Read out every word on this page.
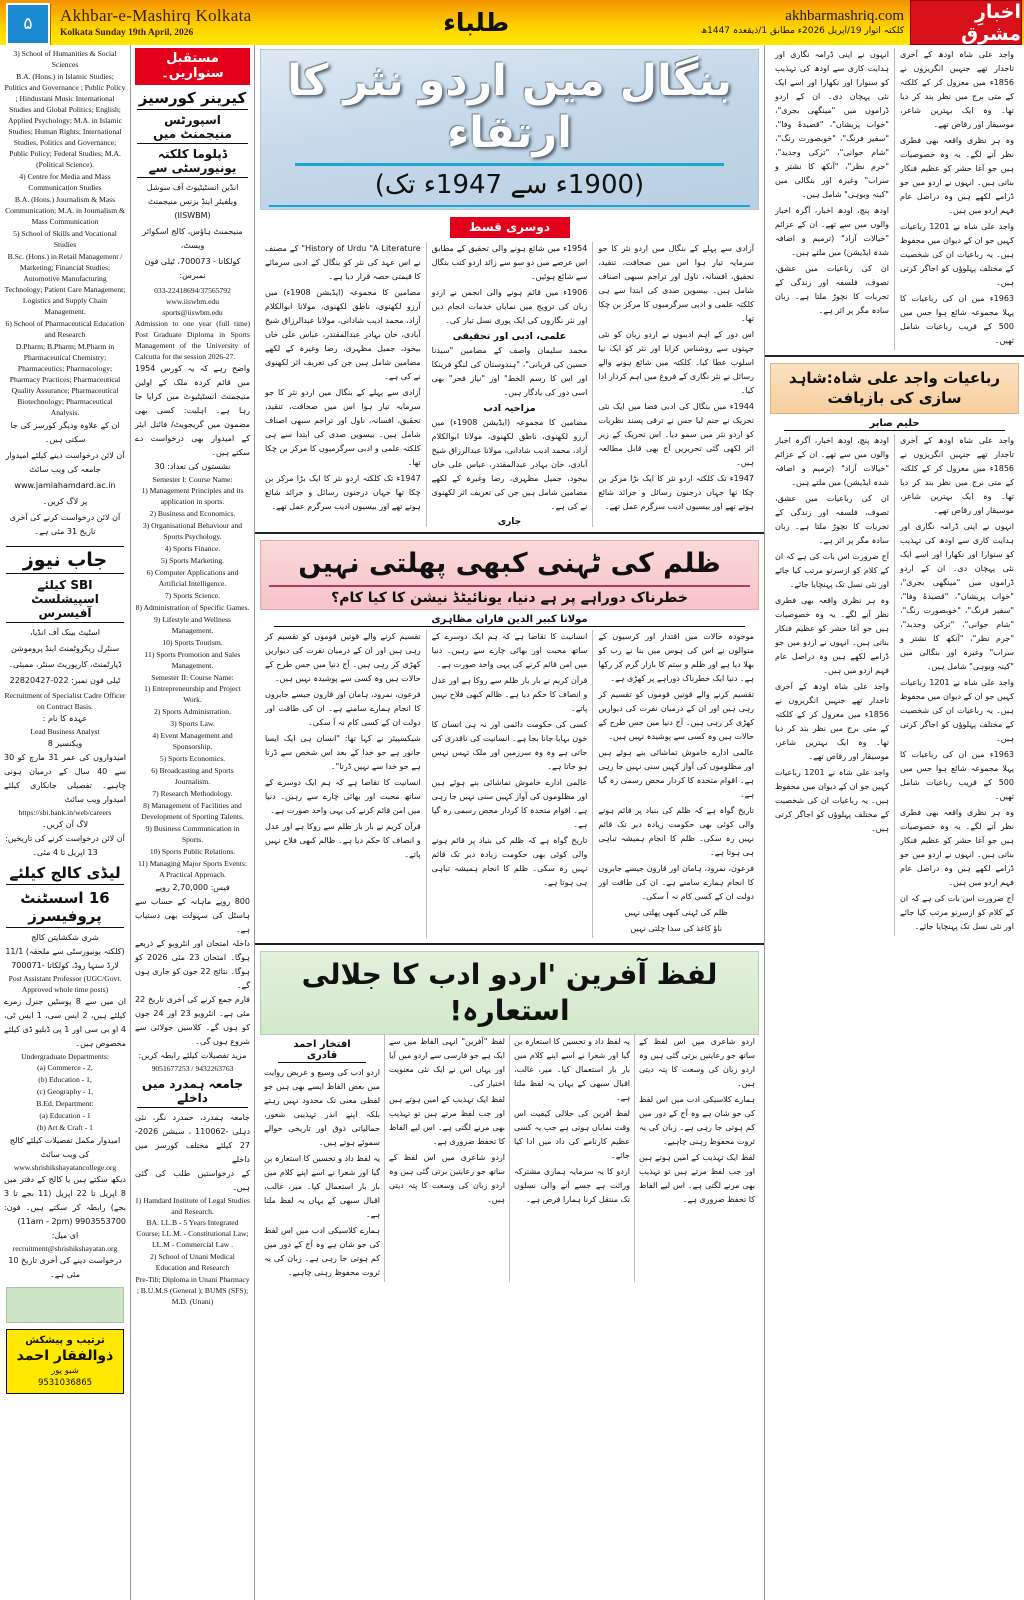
۵ Akhbar-e-Mashirq Kolkata
Kolkata Sunday 19th April, 2026	طلباء	akhbarmashriq.com
کلکتہ اتوار 19/اپریل 2026ء مطابق 1/ذیقعدہ 1447ھ
اخبارِ مشرق

3) School of Humanities & Social Sciences

B.A. (Hons.) in Islamic Studies; Politics and Governance ; Public Policy ; Hindustani Music International Studies and Global Politics; English; Applied Psychology; M.A. in Islamic Studies; Human Rights; International Studies, Politics and Governance; Public Policy; Federal Studies; M.A. (Political Science).

4) Centre for Media and Mass Communication Studies

B.A. (Hons.) Journalism & Mass Communication; M.A. in Journalism & Mass Communication

5) School of Skills and Vocational Studies

B.Sc. (Hons.) in Retail Management / Marketing; Financial Studies; Automotive Manufacturing Technology; Patient Care Management; Logistics and Supply Chain Management.

6) School of Pharmaceutical Education and Research

D.Pharm; B.Pharm; M.Pharm in Pharmaceutical Chemistry; Pharmaceutics; Pharmacology; Pharmacy Practices; Pharmaceutical Quality Assurance; Pharmaceutical Biotechnology; Pharmaceutical Analysis.

ان کے علاوہ ودیگر کورسز کی جا سکتی ہیں۔

آن لائن درخواست دینے کیلئے امیدوار جامعہ کی ویب سائٹ

www.jamiahamdard.ac.in

پر لاگ کریں۔

آن لائن درخواست کرنے کی آخری تاریخ 31 مئی ہے۔

جاب نیوز
SBI کیلئے اسپیشلسٹ آفیسرس

اسٹیٹ بینک آف انڈیا،

سنٹرل ریکروٹمنٹ اینڈ پروموشن

ڈپارٹمنٹ، کارپوریٹ سنٹر، ممبئی۔

ٹیلی فون نمبر: 022-22820427

Recruitment of Specialist Cadre Officer on Contract Basis.
عہدہ کا نام :
Lead Business Analyst
ویکنسیز 8
امیدواروں کی عمر 31 مارچ کو 30 سے 40 سال کے درمیان ہونی چاہیے۔ تفصیلی جانکاری کیلئے امیدوار ویب سائٹ
https://sbi.bank.in/web/careers
لاگ آن کریں۔
آن لائن درخواست کرنے کی تاریخیں: 13 اپریل تا 4 مئی۔
لیڈی کالج کیلئے
16 اسسٹنٹ پروفیسرز
شری شکشایتن کالج
(کلکتہ یونیورسٹی سے ملحقہ) 11/1 لارڈ سنہا روڈ، کولکاتا -700071
Post Assistant Professor (UGC/Govt. Approved whole time posts)
ان میں سے 8 پوسٹیں جنرل زمرے کیلئے ہیں، 2 ایس سی، 1 ایس ٹی، 4 او بی سی اور 1 پی ڈبلیو ڈی کیلئے مخصوص ہیں۔
Undergraduate Departments:

(a) Commerce - 2,

(b) Education - 1,

(c) Geography - 1,

B.Ed. Department:

(a) Education - 1

(b) Art & Craft - 1

امیدوار مکمل تفصیلات کیلئے کالج کی ویب سائٹ
www.shrishikshayatancollege.org
دیکھ سکتے ہیں یا کالج کے دفتر میں 8 اپریل تا 22 اپریل (11 بجے تا 3 بجے) رابطہ کر سکتے ہیں۔ فون: 9903553700 (11am - 2pm)
ای میل:
recruitment@shrishikshayatan.org
درخواست دینے کی آخری تاریخ 10 مئی ہے۔
ترتیب و پیشکش
ذوالفقار احمد
شیو پور
9531036865
مستقبل سنواریں۔
کیرینر کورسیز
اسپورٹس منیجمنٹ میں
ڈپلوما کلکتہ یونیورسٹی سے

انڈین انسٹیٹیوٹ آف سوشل ویلفیئر اینڈ بزنس منیجمنٹ (IISWBM)

منیجمنٹ ہاؤس، کالج اسکوائر ویسٹ،

کولکاتا - 700073، ٹیلی فون نمبرس:

033-22418694/37565792
www.iiswbm.edu
sports@iiswbm.edu
Admission to one year (full time) Post Graduate Diploma in Sports Management of the University of Calcutta for the session 2026-27.
واضح رہے کہ یہ کورس 1954 میں قائم کردہ ملک کے اولین منیجمنٹ انسٹیٹیوٹ میں کرایا جا رہا ہے۔ اہلیت: کسی بھی مضمون میں گریجویٹ/ فائنل ایئر کے امیدوار بھی درخواست دے سکتے ہیں۔
نشستوں کی تعداد: 30
Semester I: Course Name:

1) Management Principles and its application in sports.

2) Business and Economics.

3) Organisational Behaviour and Sports Psychology.

4) Sports Finance.

5) Sports Marketing.

6) Computer Applications and Artificial Intelligence.

7) Sports Science.

8) Administration of Specific Games.

9) Lifestyle and Wellness Management.

10) Sports Tourism.

11) Sports Promotion and Sales Management.

Semester II: Course Name:

1) Entrepreneurship and Project Work.

2) Sports Administration.

3) Sports Law.

4) Event Management and Sponsorship.

5) Sports Economics.

6) Broadcasting and Sports Journalism.

7) Research Methodology.

8) Management of Facilities and Development of Sporting Talents.

9) Business Communication in Sports.

10) Sports Public Relations.

11) Managing Major Sports Events: A Practical Approach.

فیس: 2,70,000 روپے
800 روپے ماہانہ کے حساب سے ہاسٹل کی سہولت بھی دستیاب ہے۔
داخلہ امتحان اور انٹرویو کے ذریعے ہوگا۔ امتحان 23 مئی 2026 کو ہوگا۔ نتائج 22 جون کو جاری ہوں گے۔
فارم جمع کرنے کی آخری تاریخ 22 مئی ہے۔ انٹرویو 23 اور 24 جون کو ہوں گے۔ کلاسیں جولائی سے شروع ہوں گی۔
مزید تفصیلات کیلئے رابطہ کریں:
9051677253 / 9432263763
جامعہ ہمدرد میں داخلے
جامعہ ہمدرد، حمدرد نگر، نئی دہلی -110062 ، سیشن 2026-27 کیلئے مختلف کورسز میں داخلے
کے درخواستیں طلب کی گئی ہیں۔
1) Hamdard Institute of Legal Studies and Research.

BA. LL.B - 5 Years Integrated Course; LL.M. - Constitutional Law; LL.M - Commercial Law .

2) School of Unani Medical Education and Research

Pre-Tib; Diploma in Unani Pharmacy ; B.U.M.S (General ); BUMS (SFS); M.D. (Unani)

بنگال میں اردو نثر کا ارتقاء
(1900ء سے 1947ء تک)
دوسری قسط

آزادی سے پہلے کے بنگال میں اردو نثر کا جو سرمایہ تیار ہوا اس میں صحافت، تنقید، تحقیق، افسانہ، ناول اور تراجم سبھی اصناف شامل ہیں۔ بیسویں صدی کی ابتدا سے ہی کلکتہ علمی و ادبی سرگرمیوں کا مرکز بن چکا تھا۔

اس دور کے اہم ادیبوں نے اردو زبان کو نئی جہتوں سے روشناس کرایا اور نثر کو ایک نیا اسلوب عطا کیا۔ کلکتہ میں شائع ہونے والے رسائل نے نثر نگاری کے فروغ میں اہم کردار ادا کیا۔

1944ء میں بنگال کی ادبی فضا میں ایک نئی تحریک نے جنم لیا جس نے ترقی پسند نظریات کو اردو نثر میں سمو دیا۔ اس تحریک کے زیر اثر لکھی گئی تحریریں آج بھی قابل مطالعہ ہیں۔

1947ء تک کلکتہ اردو نثر کا ایک بڑا مرکز بن چکا تھا جہاں درجنوں رسائل و جرائد شائع ہوتے تھے اور بیسیوں ادیب سرگرم عمل تھے۔

1954ء میں شائع ہونے والی تحقیق کے مطابق اس عرصے میں دو سو سے زائد اردو کتب بنگال سے شائع ہوئیں۔

1906ء میں قائم ہونے والی انجمن نے اردو زبان کی ترویج میں نمایاں خدمات انجام دیں اور نثر نگاروں کی ایک پوری نسل تیار کی۔

علمی، ادبی اور تحقیقی

محمد سلیمان واصف کے مضامین "سیدنا حسین کی قربانی"، "ہندوستان کی لنگو فرینکا اور اس کا رسم الخط" اور "نیاز فجر" بھی اسی دور کی یادگار ہیں۔

مزاحیہ ادب

مضامین کا مجموعہ (ایڈیشن 1908ء) میں آرزو لکھنوی، ناطق لکھنوی، مولانا ابوالکلام آزاد، محمد ادیب شادانی، مولانا عبدالرزاق شیخ آبادی، خان بہادر عبدالمقتدر، عباس علی خاں بیخود، جمیل مظہری، رضا وغیرہ کے لکھے مضامین شامل ہیں جن کی تعریف اثر لکھنوی نے کی ہے۔

جاری

History of Urdu "A Literature" کے مصنف نے اس عہد کی نثر کو بنگال کے ادبی سرمائے کا قیمتی حصہ قرار دیا ہے۔

مضامین کا مجموعہ (ایڈیشن 1908ء) میں آرزو لکھنوی، ناطق لکھنوی، مولانا ابوالکلام آزاد، محمد ادیب شادانی، مولانا عبدالرزاق شیخ آبادی، خان بہادر عبدالمقتدر، عباس علی خاں بیخود، جمیل مظہری، رضا وغیرہ کے لکھے مضامین شامل ہیں جن کی تعریف اثر لکھنوی نے کی ہے۔

آزادی سے پہلے کے بنگال میں اردو نثر کا جو سرمایہ تیار ہوا اس میں صحافت، تنقید، تحقیق، افسانہ، ناول اور تراجم سبھی اصناف شامل ہیں۔ بیسویں صدی کی ابتدا سے ہی کلکتہ علمی و ادبی سرگرمیوں کا مرکز بن چکا تھا۔

1947ء تک کلکتہ اردو نثر کا ایک بڑا مرکز بن چکا تھا جہاں درجنوں رسائل و جرائد شائع ہوتے تھے اور بیسیوں ادیب سرگرم عمل تھے۔

ظلم کی ٹہنی کبھی پھلتی نہیں
خطرناک دوراہے پر ہے دنیا، یونائیٹڈ نیشن کا کیا کام؟
مولانا کبیر الدین فاران مظاہری

موجودہ حالات میں اقتدار اور کرسیوں کے متوالوں نے اس کی ہوس میں بنا نے رب کو بھلا دیا ہے اور ظلم و ستم کا بازار گرم کر رکھا ہے۔ دنیا ایک خطرناک دوراہے پر کھڑی ہے۔

تقسیم کرنے والے قوتیں قوموں کو تقسیم کر رہی ہیں اور ان کے درمیان نفرت کی دیواریں کھڑی کر رہی ہیں۔ آج دنیا میں جس طرح کے حالات ہیں وہ کسی سے پوشیدہ نہیں ہیں۔

عالمی ادارے خاموش تماشائی بنے ہوئے ہیں اور مظلوموں کی آواز کہیں سنی نہیں جا رہی ہے۔ اقوام متحدہ کا کردار محض رسمی رہ گیا ہے۔

تاریخ گواہ ہے کہ ظلم کی بنیاد پر قائم ہونے والی کوئی بھی حکومت زیادہ دیر تک قائم نہیں رہ سکی۔ ظلم کا انجام ہمیشہ تباہی ہی ہوتا ہے۔

فرعون، نمرود، ہامان اور قارون جیسے جابروں کا انجام ہمارے سامنے ہے۔ ان کی طاقت اور دولت ان کے کسی کام نہ آ سکی۔

ظلم کی ٹہنی کبھی پھلتی نہیں

ناؤ کاغذ کی سدا چلتی نہیں

انسانیت کا تقاضا ہے کہ ہم ایک دوسرے کے ساتھ محبت اور بھائی چارے سے رہیں۔ دنیا میں امن قائم کرنے کی یہی واحد صورت ہے۔

قرآن کریم نے بار بار ظلم سے روکا ہے اور عدل و انصاف کا حکم دیا ہے۔ ظالم کبھی فلاح نہیں پاتے۔

کسی کی حکومت دائمی اور نہ ہی انسان کا خون بہایا جانا بجا ہے۔ انسانیت کی ناقدری کی جاتی ہے وہ وہ سرزمین اور ملک تہس نہس ہو جاتا ہے۔

عالمی ادارے خاموش تماشائی بنے ہوئے ہیں اور مظلوموں کی آواز کہیں سنی نہیں جا رہی ہے۔ اقوام متحدہ کا کردار محض رسمی رہ گیا ہے۔

تاریخ گواہ ہے کہ ظلم کی بنیاد پر قائم ہونے والی کوئی بھی حکومت زیادہ دیر تک قائم نہیں رہ سکی۔ ظلم کا انجام ہمیشہ تباہی ہی ہوتا ہے۔

تقسیم کرنے والے قوتیں قوموں کو تقسیم کر رہی ہیں اور ان کے درمیان نفرت کی دیواریں کھڑی کر رہی ہیں۔ آج دنیا میں جس طرح کے حالات ہیں وہ کسی سے پوشیدہ نہیں ہیں۔

فرعون، نمرود، ہامان اور قارون جیسے جابروں کا انجام ہمارے سامنے ہے۔ ان کی طاقت اور دولت ان کے کسی کام نہ آ سکی۔

شیکسپیئر نے کہا تھا: "انسان ہی ایک ایسا جانور ہے جو خدا کے بعد اس شخص سے ڈرتا ہے جو خدا سے نہیں ڈرتا"۔

انسانیت کا تقاضا ہے کہ ہم ایک دوسرے کے ساتھ محبت اور بھائی چارے سے رہیں۔ دنیا میں امن قائم کرنے کی یہی واحد صورت ہے۔

قرآن کریم نے بار بار ظلم سے روکا ہے اور عدل و انصاف کا حکم دیا ہے۔ ظالم کبھی فلاح نہیں پاتے۔

لفظ آفرین 'اردو ادب کا جلالی استعارہ!

اردو شاعری میں اس لفظ کے ساتھ جو رعایتیں برتی گئی ہیں وہ اردو زبان کی وسعت کا پتہ دیتی ہیں۔

ہمارے کلاسیکی ادب میں اس لفظ کی جو شان ہے وہ آج کے دور میں کم ہوتی جا رہی ہے۔ زبان کی یہ ثروت محفوظ رہنی چاہیے۔

لفظ ایک تہذیب کے امین ہوتے ہیں اور جب لفظ مرتے ہیں تو تہذیب بھی مرنے لگتی ہے۔ اس لیے الفاظ کا تحفظ ضروری ہے۔

یہ لفظ داد و تحسین کا استعارہ بن گیا اور شعرا نے اسے اپنے کلام میں بار بار استعمال کیا۔ میر، غالب، اقبال سبھی کے یہاں یہ لفظ ملتا ہے۔

لفظ آفرین کی جلالی کیفیت اس وقت نمایاں ہوتی ہے جب یہ کسی عظیم کارنامے کی داد میں ادا کیا جائے۔

اردو کا یہ سرمایہ ہماری مشترکہ وراثت ہے جسے آنے والی نسلوں تک منتقل کرنا ہمارا فرض ہے۔

لفظ "آفرین" انہی الفاظ میں سے ایک ہے جو فارسی سے اردو میں آیا اور یہاں اس نے ایک نئی معنویت اختیار کی۔

لفظ ایک تہذیب کے امین ہوتے ہیں اور جب لفظ مرتے ہیں تو تہذیب بھی مرنے لگتی ہے۔ اس لیے الفاظ کا تحفظ ضروری ہے۔

اردو شاعری میں اس لفظ کے ساتھ جو رعایتیں برتی گئی ہیں وہ اردو زبان کی وسعت کا پتہ دیتی ہیں۔

افتخار احمد قادری

اردو ادب کی وسیع و عریض روایت میں بعض الفاظ ایسے بھی ہیں جو لفظی معنی تک محدود نہیں رہتے بلکہ اپنے اندر تہذیبی شعور، جمالیاتی ذوق اور تاریخی حوالے سموئے ہوتے ہیں۔

یہ لفظ داد و تحسین کا استعارہ بن گیا اور شعرا نے اسے اپنے کلام میں بار بار استعمال کیا۔ میر، غالب، اقبال سبھی کے یہاں یہ لفظ ملتا ہے۔

ہمارے کلاسیکی ادب میں اس لفظ کی جو شان ہے وہ آج کے دور میں کم ہوتی جا رہی ہے۔ زبان کی یہ ثروت محفوظ رہنی چاہیے۔

واجد علی شاہ اودھ کے آخری تاجدار تھے جنہیں انگریزوں نے 1856ء میں معزول کر کے کلکتہ کے متی برج میں نظر بند کر دیا تھا۔ وہ ایک بہترین شاعر، موسیقار اور رقاص تھے۔

وہ ہر نظری واقعہ بھی فطری نظر آنے لگے۔ یہ وہ خصوصیات ہیں جو آغا حشر کو عظیم فنکار بناتی ہیں۔ انہوں نے اردو میں جو ڈرامے لکھے ہیں وہ دراصل عام فہم اردو میں ہیں۔

واجد علی شاہ نے 1201 رباعیات کہیں جو ان کے دیوان میں محفوظ ہیں۔ یہ رباعیات ان کی شخصیت کے مختلف پہلوؤں کو اجاگر کرتی ہیں۔

1963ء میں ان کی رباعیات کا پہلا مجموعہ شائع ہوا جس میں 500 کے قریب رباعیات شامل تھیں۔

انہوں نے اپنی ڈرامہ نگاری اور ہدایت کاری سے اودھ کی تہذیب کو سنوارا اور نکھارا اور اسے ایک نئی پہچان دی۔ ان کے اردو ڈراموں میں "مینگھی بجری"، "خواب پریشاں"، "قصیدۂ وفا"، "سفیر فرنگ"، "خوبصورت رنگ"، "شام جوانی"، "ترکی وجدید"، "جرم نظر"، "آنکھ کا نشتر و سراب" وغیرہ اور بنگالی میں "کینہ ویوہی" شامل ہیں۔

اودھ پنچ، اودھ اخبار، آگرہ اخبار والوں میں سے تھے۔ ان کے عزائم "خیالات آزاد" (ترمیم و اضافہ شدہ ایڈیشن) میں ملتے ہیں۔

ان کی رباعیات میں عشق، تصوف، فلسفہ اور زندگی کے تجربات کا نچوڑ ملتا ہے۔ زبان سادہ مگر پر اثر ہے۔

رباعیات واجد علی شاہ:شاہد سازی کی بازیافت
حلیم صابر

واجد علی شاہ اودھ کے آخری تاجدار تھے جنہیں انگریزوں نے 1856ء میں معزول کر کے کلکتہ کے متی برج میں نظر بند کر دیا تھا۔ وہ ایک بہترین شاعر، موسیقار اور رقاص تھے۔

انہوں نے اپنی ڈرامہ نگاری اور ہدایت کاری سے اودھ کی تہذیب کو سنوارا اور نکھارا اور اسے ایک نئی پہچان دی۔ ان کے اردو ڈراموں میں "مینگھی بجری"، "خواب پریشاں"، "قصیدۂ وفا"، "سفیر فرنگ"، "خوبصورت رنگ"، "شام جوانی"، "ترکی وجدید"، "جرم نظر"، "آنکھ کا نشتر و سراب" وغیرہ اور بنگالی میں "کینہ ویوہی" شامل ہیں۔

واجد علی شاہ نے 1201 رباعیات کہیں جو ان کے دیوان میں محفوظ ہیں۔ یہ رباعیات ان کی شخصیت کے مختلف پہلوؤں کو اجاگر کرتی ہیں۔

1963ء میں ان کی رباعیات کا پہلا مجموعہ شائع ہوا جس میں 500 کے قریب رباعیات شامل تھیں۔

وہ ہر نظری واقعہ بھی فطری نظر آنے لگے۔ یہ وہ خصوصیات ہیں جو آغا حشر کو عظیم فنکار بناتی ہیں۔ انہوں نے اردو میں جو ڈرامے لکھے ہیں وہ دراصل عام فہم اردو میں ہیں۔

آج ضرورت اس بات کی ہے کہ ان کے کلام کو ازسرنو مرتب کیا جائے اور نئی نسل تک پہنچایا جائے۔

اودھ پنچ، اودھ اخبار، آگرہ اخبار والوں میں سے تھے۔ ان کے عزائم "خیالات آزاد" (ترمیم و اضافہ شدہ ایڈیشن) میں ملتے ہیں۔

ان کی رباعیات میں عشق، تصوف، فلسفہ اور زندگی کے تجربات کا نچوڑ ملتا ہے۔ زبان سادہ مگر پر اثر ہے۔

آج ضرورت اس بات کی ہے کہ ان کے کلام کو ازسرنو مرتب کیا جائے اور نئی نسل تک پہنچایا جائے۔

وہ ہر نظری واقعہ بھی فطری نظر آنے لگے۔ یہ وہ خصوصیات ہیں جو آغا حشر کو عظیم فنکار بناتی ہیں۔ انہوں نے اردو میں جو ڈرامے لکھے ہیں وہ دراصل عام فہم اردو میں ہیں۔

واجد علی شاہ اودھ کے آخری تاجدار تھے جنہیں انگریزوں نے 1856ء میں معزول کر کے کلکتہ کے متی برج میں نظر بند کر دیا تھا۔ وہ ایک بہترین شاعر، موسیقار اور رقاص تھے۔

واجد علی شاہ نے 1201 رباعیات کہیں جو ان کے دیوان میں محفوظ ہیں۔ یہ رباعیات ان کی شخصیت کے مختلف پہلوؤں کو اجاگر کرتی ہیں۔
